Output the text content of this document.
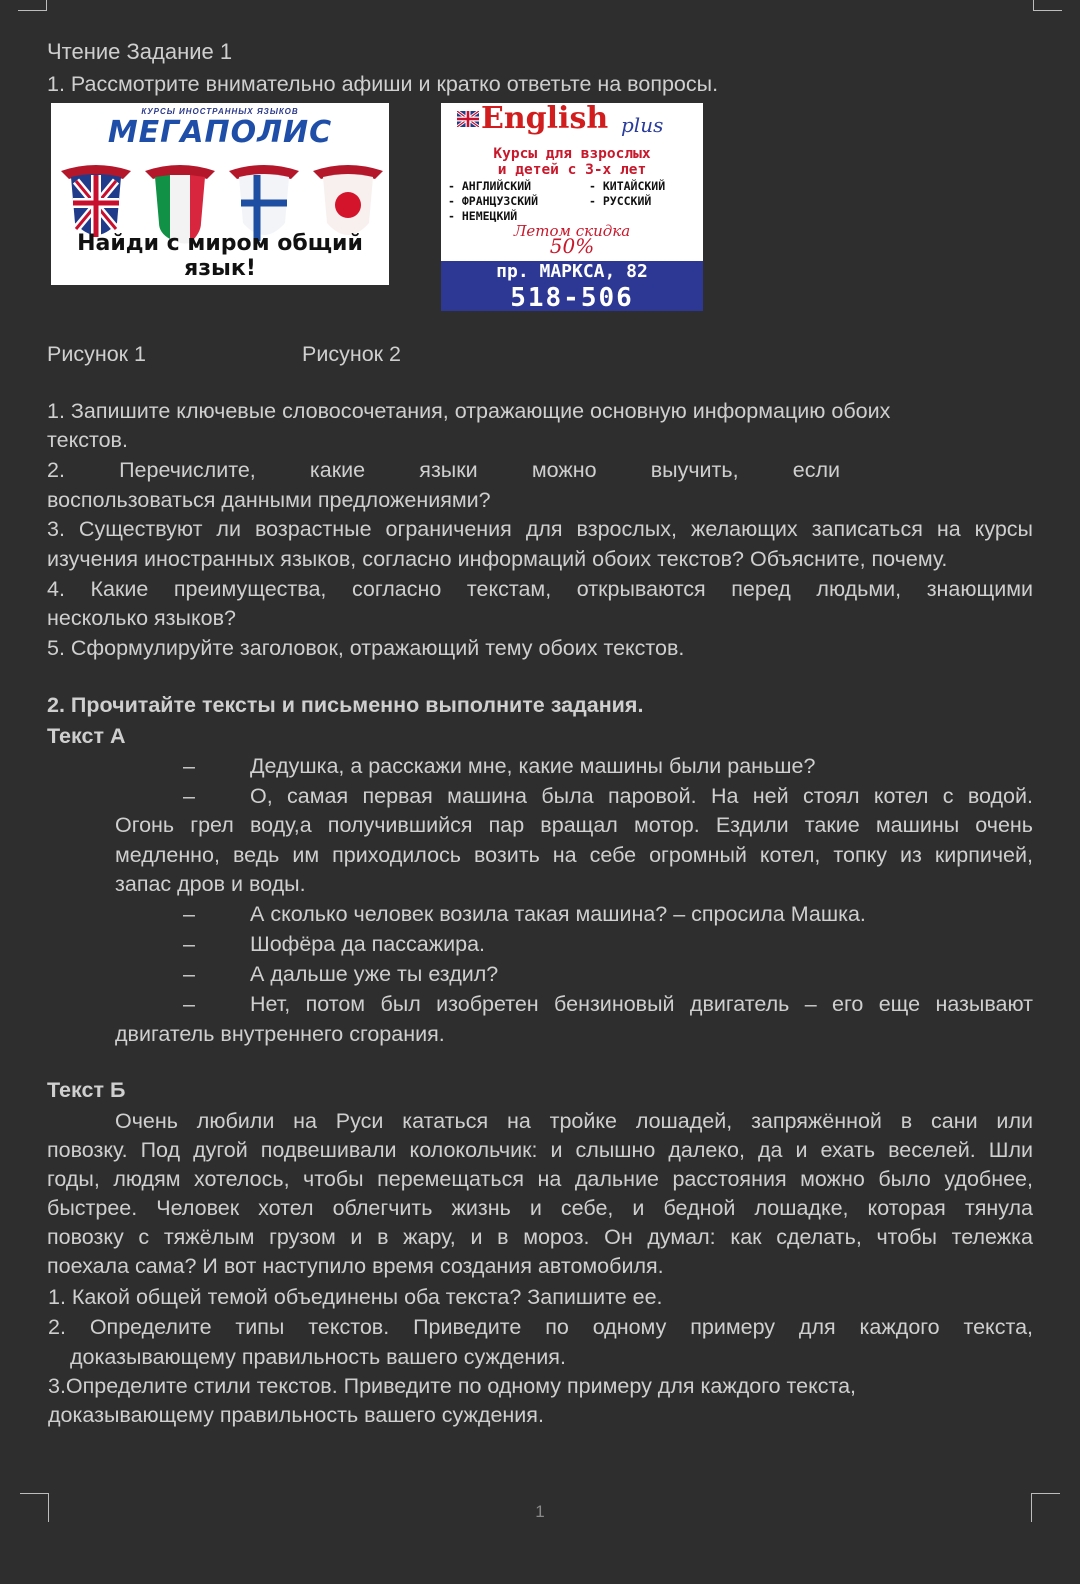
Чтение Задание 1
1. Рассмотрите внимательно афиши и кратко ответьте на вопросы.
КУРСЫ ИНОСТРАННЫХ ЯЗЫКОВ
МЕГАПОЛИС
Найди с миром общий язык!
English plus
Курсы для взрослых
и детей с 3-х лет
- АНГЛИЙСКИЙ
- ФРАНЦУЗСКИЙ
- НЕМЕЦКИЙ
- КИТАЙСКИЙ
- РУССКИЙ
Летом скидка
50%
пр. МАРКСА, 82
518-506
Рисунок 1	Рисунок 2
1. Запишите ключевые словосочетания, отражающие основную информацию обоих
текстов.
2. Перечислите, какие языки можно выучить, если
воспользоваться данными предложениями?
3. Существуют ли возрастные ограничения для взрослых, желающих записаться на курсы
изучения иностранных языков, согласно информаций обоих текстов? Объясните, почему.
4. Какие преимущества, согласно текстам, открываются перед людьми, знающими
несколько языков?
5. Сформулируйте заголовок, отражающий тему обоих текстов.
2. Прочитайте тексты и письменно выполните задания.
Текст А
–	Дедушка, а расскажи мне, какие машины были раньше?
–	О, самая первая машина была паровой. На ней стоял котел с водой.
Огонь грел воду,а получившийся пар вращал мотор. Ездили такие машины очень
медленно, ведь им приходилось возить на себе огромный котел, топку из кирпичей,
запас дров и воды.
–	А сколько человек возила такая машина? – спросила Машка.
–	Шофёра да пассажира.
–	А дальше уже ты ездил?
–	Нет, потом был изобретен бензиновый двигатель – его еще называют
двигатель внутреннего сгорания.
Текст Б
Очень любили на Руси кататься на тройке лошадей, запряжённой в сани или
повозку. Под дугой подвешивали колокольчик: и слышно далеко, да и ехать веселей. Шли
годы, людям хотелось, чтобы перемещаться на дальние расстояния можно было удобнее,
быстрее. Человек хотел облегчить жизнь и себе, и бедной лошадке, которая тянула
повозку с тяжёлым грузом и в жару, и в мороз. Он думал: как сделать, чтобы тележка
поехала сама? И вот наступило время создания автомобиля.
1. Какой общей темой объединены оба текста? Запишите ее.
2. Определите типы текстов. Приведите по одному примеру для каждого текста,
доказывающему правильность вашего суждения.
3.Определите стили текстов. Приведите по одному примеру для каждого текста,
доказывающему правильность вашего суждения.
1
